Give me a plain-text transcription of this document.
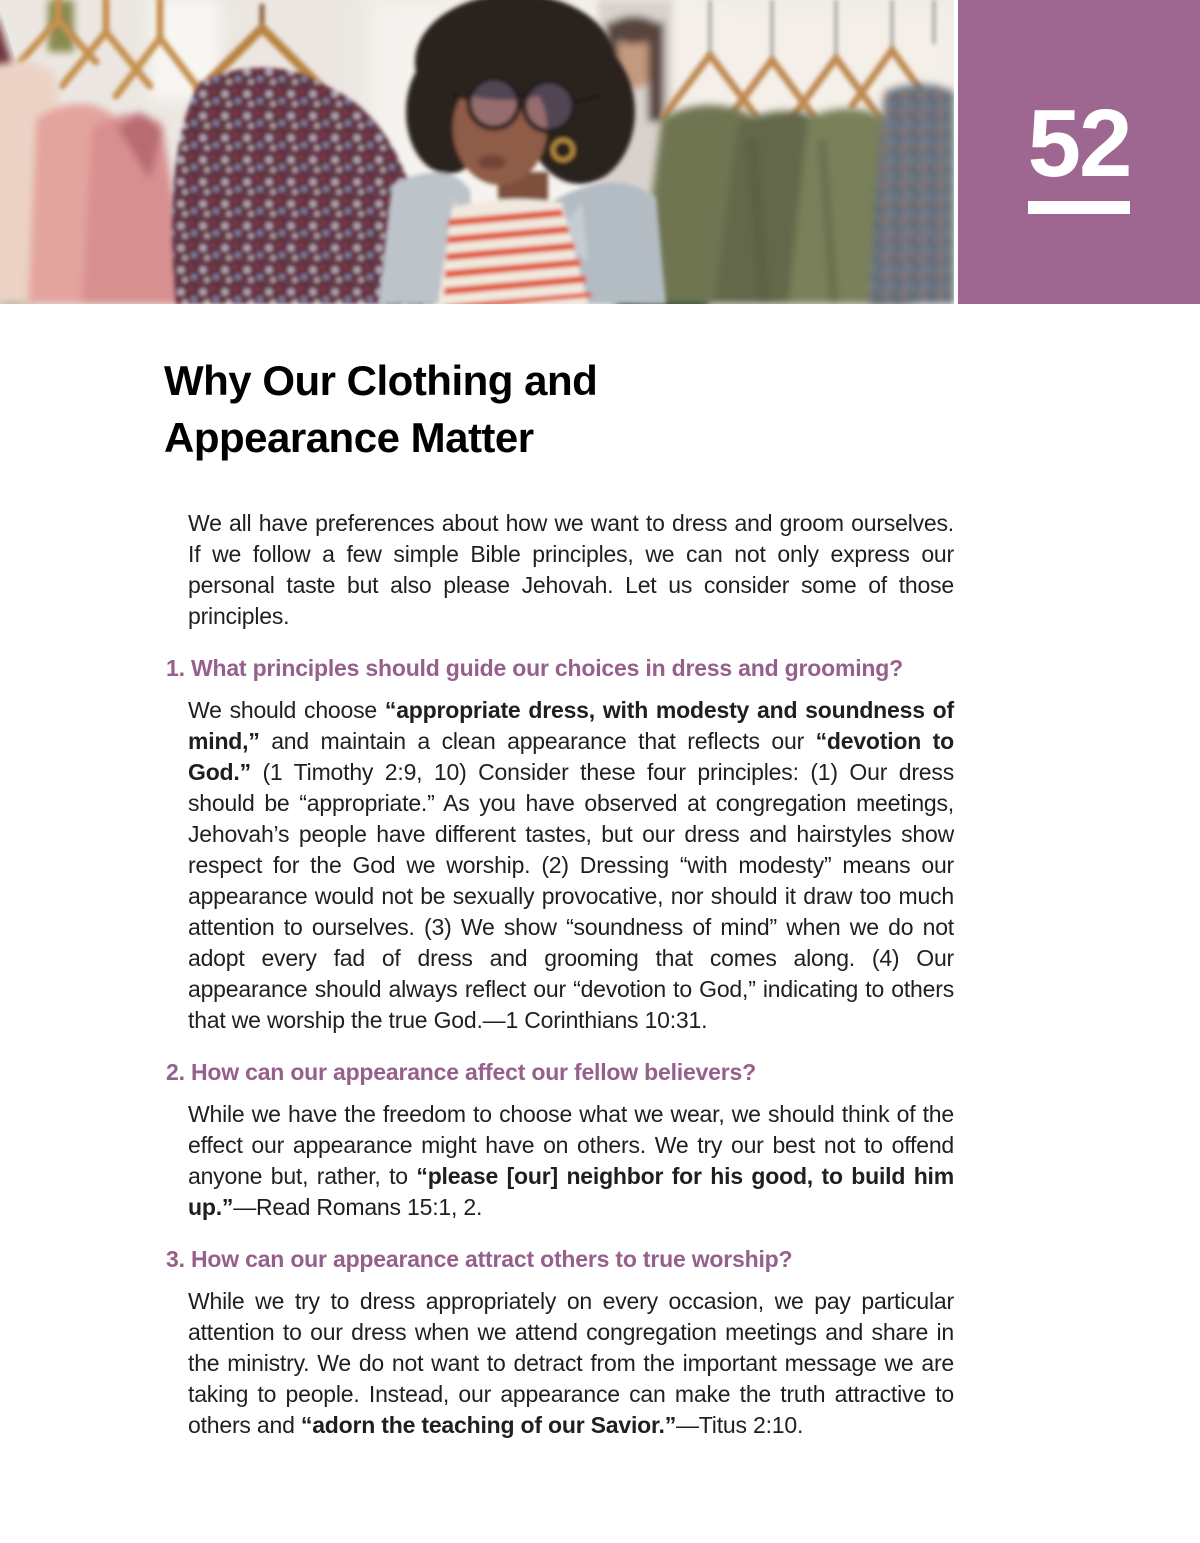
52
Why Our Clothing and
Appearance Matter

We all have preferences about how we want to dress and groom ourselves. If we follow a few simple Bible principles, we can not only express our personal taste but also please Jehovah. Let us consider some of those principles.

1. What principles should guide our choices in dress and grooming?

We should choose “appropriate dress, with modesty and soundness of mind,” and maintain a clean appearance that reflects our “devotion to God.” (1 Timothy 2:9, 10) Consider these four principles: (1) Our dress should be “appropriate.” As you have observed at congregation meetings, Jehovah’s people have different tastes, but our dress and hairstyles show respect for the God we worship. (2) Dressing “with modesty” means our appearance would not be sexually provocative, nor should it draw too much attention to ourselves. (3) We show “soundness of mind” when we do not adopt every fad of dress and grooming that comes along. (4) Our appearance should always reflect our “devotion to God,” indicating to others that we worship the true God.—1 Corinthians 10:31.

2. How can our appearance affect our fellow believers?

While we have the freedom to choose what we wear, we should think of the effect our appearance might have on others. We try our best not to offend anyone but, rather, to “please [our] neighbor for his good, to build him up.”—Read Romans 15:1, 2.

3. How can our appearance attract others to true worship?

While we try to dress appropriately on every occasion, we pay particular attention to our dress when we attend congregation meetings and share in the ministry. We do not want to detract from the important message we are taking to people. Instead, our appearance can make the truth attractive to others and “adorn the teaching of our Savior.”—Titus 2:10.
